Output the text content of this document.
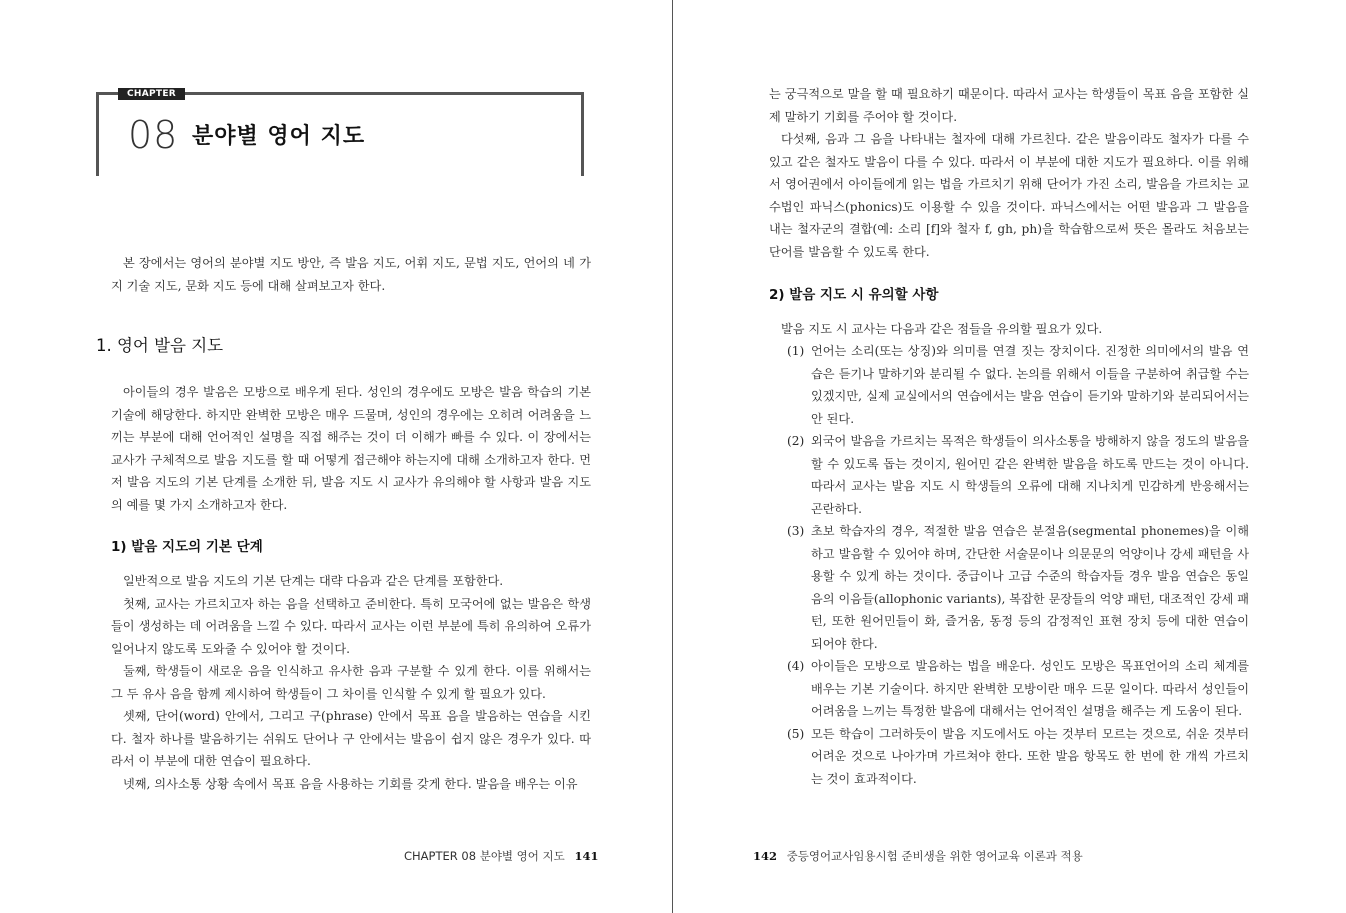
CHAPTER
08 분야별 영어 지도

본 장에서는 영어의 분야별 지도 방안, 즉 발음 지도, 어휘 지도, 문법 지도, 언어의 네 가지 기술 지도, 문화 지도 등에 대해 살펴보고자 한다.

1. 영어 발음 지도

아이들의 경우 발음은 모방으로 배우게 된다. 성인의 경우에도 모방은 발음 학습의 기본 기술에 해당한다. 하지만 완벽한 모방은 매우 드물며, 성인의 경우에는 오히려 어려움을 느끼는 부분에 대해 언어적인 설명을 직접 해주는 것이 더 이해가 빠를 수 있다. 이 장에서는 교사가 구체적으로 발음 지도를 할 때 어떻게 접근해야 하는지에 대해 소개하고자 한다. 먼저 발음 지도의 기본 단계를 소개한 뒤, 발음 지도 시 교사가 유의해야 할 사항과 발음 지도의 예를 몇 가지 소개하고자 한다.

1) 발음 지도의 기본 단계

일반적으로 발음 지도의 기본 단계는 대략 다음과 같은 단계를 포함한다.

첫째, 교사는 가르치고자 하는 음을 선택하고 준비한다. 특히 모국어에 없는 발음은 학생들이 생성하는 데 어려움을 느낄 수 있다. 따라서 교사는 이런 부분에 특히 유의하여 오류가 일어나지 않도록 도와줄 수 있어야 할 것이다.

둘째, 학생들이 새로운 음을 인식하고 유사한 음과 구분할 수 있게 한다. 이를 위해서는 그 두 유사 음을 함께 제시하여 학생들이 그 차이를 인식할 수 있게 할 필요가 있다.

셋째, 단어(word) 안에서, 그리고 구(phrase) 안에서 목표 음을 발음하는 연습을 시킨다. 철자 하나를 발음하기는 쉬워도 단어나 구 안에서는 발음이 쉽지 않은 경우가 있다. 따라서 이 부분에 대한 연습이 필요하다.

넷째, 의사소통 상황 속에서 목표 음을 사용하는 기회를 갖게 한다. 발음을 배우는 이유

CHAPTER 08 분야별 영어 지도 141

는 궁극적으로 말을 할 때 필요하기 때문이다. 따라서 교사는 학생들이 목표 음을 포함한 실제 말하기 기회를 주어야 할 것이다.

다섯째, 음과 그 음을 나타내는 철자에 대해 가르친다. 같은 발음이라도 철자가 다를 수 있고 같은 철자도 발음이 다를 수 있다. 따라서 이 부분에 대한 지도가 필요하다. 이를 위해서 영어권에서 아이들에게 읽는 법을 가르치기 위해 단어가 가진 소리, 발음을 가르치는 교수법인 파닉스(phonics)도 이용할 수 있을 것이다. 파닉스에서는 어떤 발음과 그 발음을 내는 철자군의 결합(예: 소리 [f]와 철자 f, gh, ph)을 학습함으로써 뜻은 몰라도 처음보는 단어를 발음할 수 있도록 한다.

2) 발음 지도 시 유의할 사항

발음 지도 시 교사는 다음과 같은 점들을 유의할 필요가 있다.

(1) 언어는 소리(또는 상징)와 의미를 연결 짓는 장치이다. 진정한 의미에서의 발음 연습은 듣기나 말하기와 분리될 수 없다. 논의를 위해서 이들을 구분하여 취급할 수는 있겠지만, 실제 교실에서의 연습에서는 발음 연습이 듣기와 말하기와 분리되어서는 안 된다.
(2) 외국어 발음을 가르치는 목적은 학생들이 의사소통을 방해하지 않을 정도의 발음을 할 수 있도록 돕는 것이지, 원어민 같은 완벽한 발음을 하도록 만드는 것이 아니다. 따라서 교사는 발음 지도 시 학생들의 오류에 대해 지나치게 민감하게 반응해서는 곤란하다.
(3) 초보 학습자의 경우, 적절한 발음 연습은 분절음(segmental phonemes)을 이해하고 발음할 수 있어야 하며, 간단한 서술문이나 의문문의 억양이나 강세 패턴을 사용할 수 있게 하는 것이다. 중급이나 고급 수준의 학습자들 경우 발음 연습은 동일음의 이음들(allophonic variants), 복잡한 문장들의 억양 패턴, 대조적인 강세 패턴, 또한 원어민들이 화, 즐거움, 동정 등의 감정적인 표현 장치 등에 대한 연습이 되어야 한다.
(4) 아이들은 모방으로 발음하는 법을 배운다. 성인도 모방은 목표언어의 소리 체계를 배우는 기본 기술이다. 하지만 완벽한 모방이란 매우 드문 일이다. 따라서 성인들이 어려움을 느끼는 특정한 발음에 대해서는 언어적인 설명을 해주는 게 도움이 된다.
(5) 모든 학습이 그러하듯이 발음 지도에서도 아는 것부터 모르는 것으로, 쉬운 것부터 어려운 것으로 나아가며 가르쳐야 한다. 또한 발음 항목도 한 번에 한 개씩 가르치는 것이 효과적이다.
142 중등영어교사임용시험 준비생을 위한 영어교육 이론과 적용
